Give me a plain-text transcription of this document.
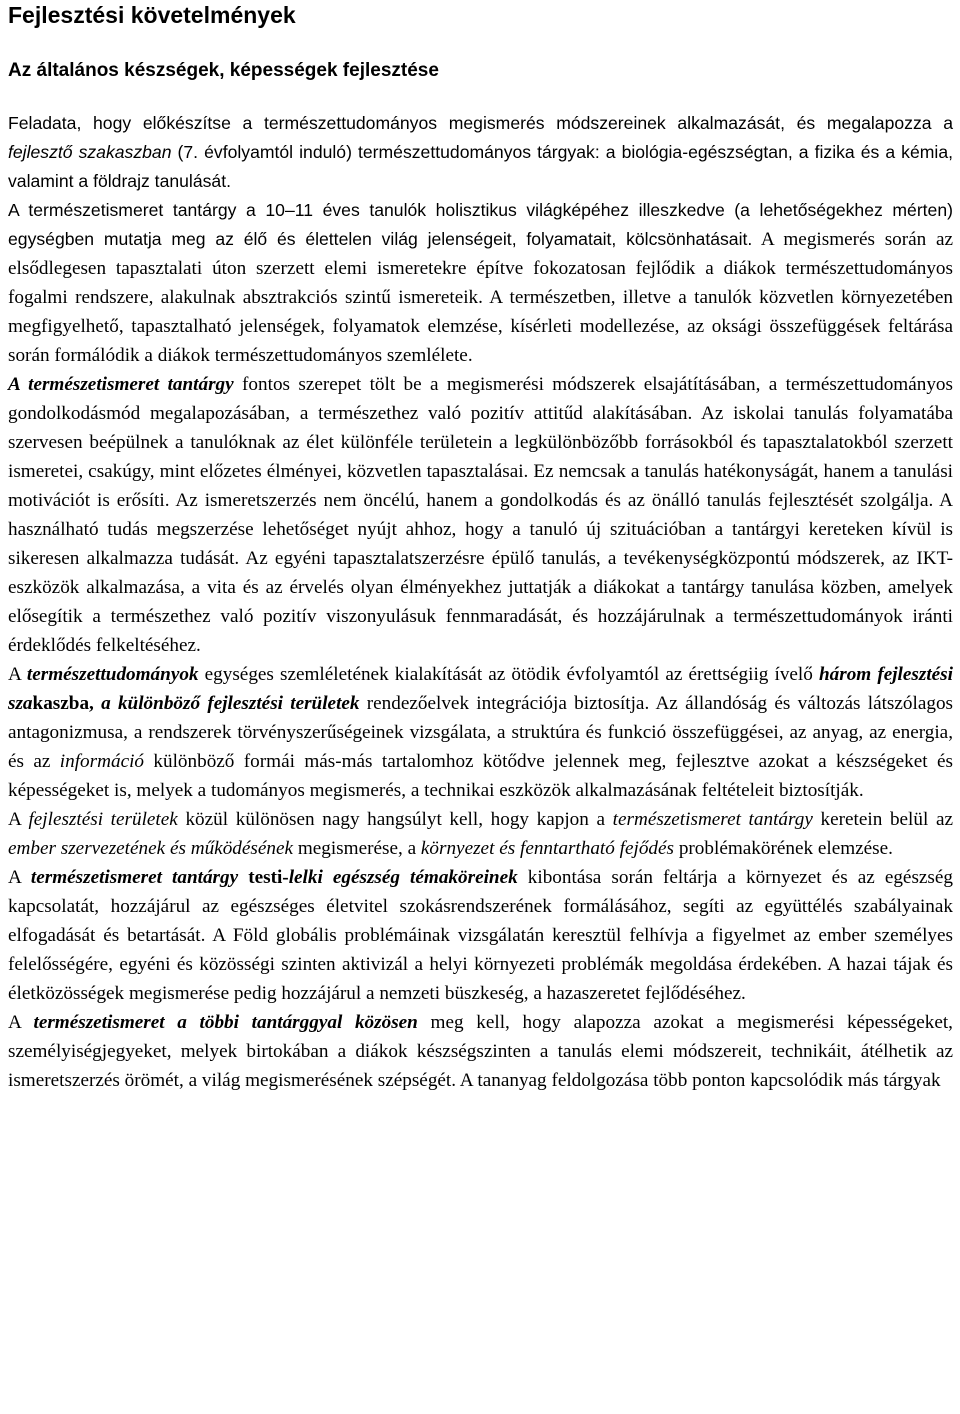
Fejlesztési követelmények
Az általános készségek, képességek fejlesztése

Feladata, hogy előkészítse a természettudományos megismerés módszereinek alkalmazását, és megalapozza a fejlesztő szakaszban (7. évfolyamtól induló) természettudományos tárgyak: a biológia-egészségtan, a fizika és a kémia, valamint a földrajz tanulását.

A természetismeret tantárgy a 10–11 éves tanulók holisztikus világképéhez illeszkedve (a lehetőségekhez mérten) egységben mutatja meg az élő és élettelen világ jelenségeit, folyamatait, kölcsönhatásait. A megismerés során az elsődlegesen tapasztalati úton szerzett elemi ismeretekre építve fokozatosan fejlődik a diákok természettudományos fogalmi rendszere, alakulnak absztrakciós szintű ismereteik. A természetben, illetve a tanulók közvetlen környezetében megfigyelhető, tapasztalható jelenségek, folyamatok elemzése, kísérleti modellezése, az oksági összefüggések feltárása során formálódik a diákok természettudományos szemlélete.

A természetismeret tantárgy fontos szerepet tölt be a megismerési módszerek elsajátításában, a természettudományos gondolkodásmód megalapozásában, a természethez való pozitív attitűd alakításában. Az iskolai tanulás folyamatába szervesen beépülnek a tanulóknak az élet különféle területein a legkülönbözőbb forrásokból és tapasztalatokból szerzett ismeretei, csakúgy, mint előzetes élményei, közvetlen tapasztalásai. Ez nemcsak a tanulás hatékonyságát, hanem a tanulási motivációt is erősíti. Az ismeretszerzés nem öncélú, hanem a gondolkodás és az önálló tanulás fejlesztését szolgálja. A használható tudás megszerzése lehetőséget nyújt ahhoz, hogy a tanuló új szituációban a tantárgyi kereteken kívül is sikeresen alkalmazza tudását. Az egyéni tapasztalatszerzésre épülő tanulás, a tevékenységközpontú módszerek, az IKT-eszközök alkalmazása, a vita és az érvelés olyan élményekhez juttatják a diákokat a tantárgy tanulása közben, amelyek elősegítik a természethez való pozitív viszonyulásuk fennmaradását, és hozzájárulnak a természettudományok iránti érdeklődés felkeltéséhez.

A természettudományok egységes szemléletének kialakítását az ötödik évfolyamtól az érettségiig ívelő három fejlesztési szakaszba, a különböző fejlesztési területek rendezőelvek integrációja biztosítja. Az állandóság és változás látszólagos antagonizmusa, a rendszerek törvényszerűségeinek vizsgálata, a struktúra és funkció összefüggései, az anyag, az energia, és az információ különböző formái más-más tartalomhoz kötődve jelennek meg, fejlesztve azokat a készségeket és képességeket is, melyek a tudományos megismerés, a technikai eszközök alkalmazásának feltételeit biztosítják.

A fejlesztési területek közül különösen nagy hangsúlyt kell, hogy kapjon a természetismeret tantárgy keretein belül az ember szervezetének és működésének megismerése, a környezet és fenntartható fejődés problémakörének elemzése.

A természetismeret tantárgy testi-lelki egészség témaköreinek kibontása során feltárja a környezet és az egészség kapcsolatát, hozzájárul az egészséges életvitel szokásrendszerének formálásához, segíti az együttélés szabályainak elfogadását és betartását. A Föld globális problémáinak vizsgálatán keresztül felhívja a figyelmet az ember személyes felelősségére, egyéni és közösségi szinten aktivizál a helyi környezeti problémák megoldása érdekében. A hazai tájak és életközösségek megismerése pedig hozzájárul a nemzeti büszkeség, a hazaszeretet fejlődéséhez.

A természetismeret a többi tantárggyal közösen meg kell, hogy alapozza azokat a megismerési képességeket, személyiségjegyeket, melyek birtokában a diákok készségszinten a tanulás elemi módszereit, technikáit, átélhetik az ismeretszerzés örömét, a világ megismerésének szépségét. A tananyag feldolgozása több ponton kapcsolódik más tárgyak
